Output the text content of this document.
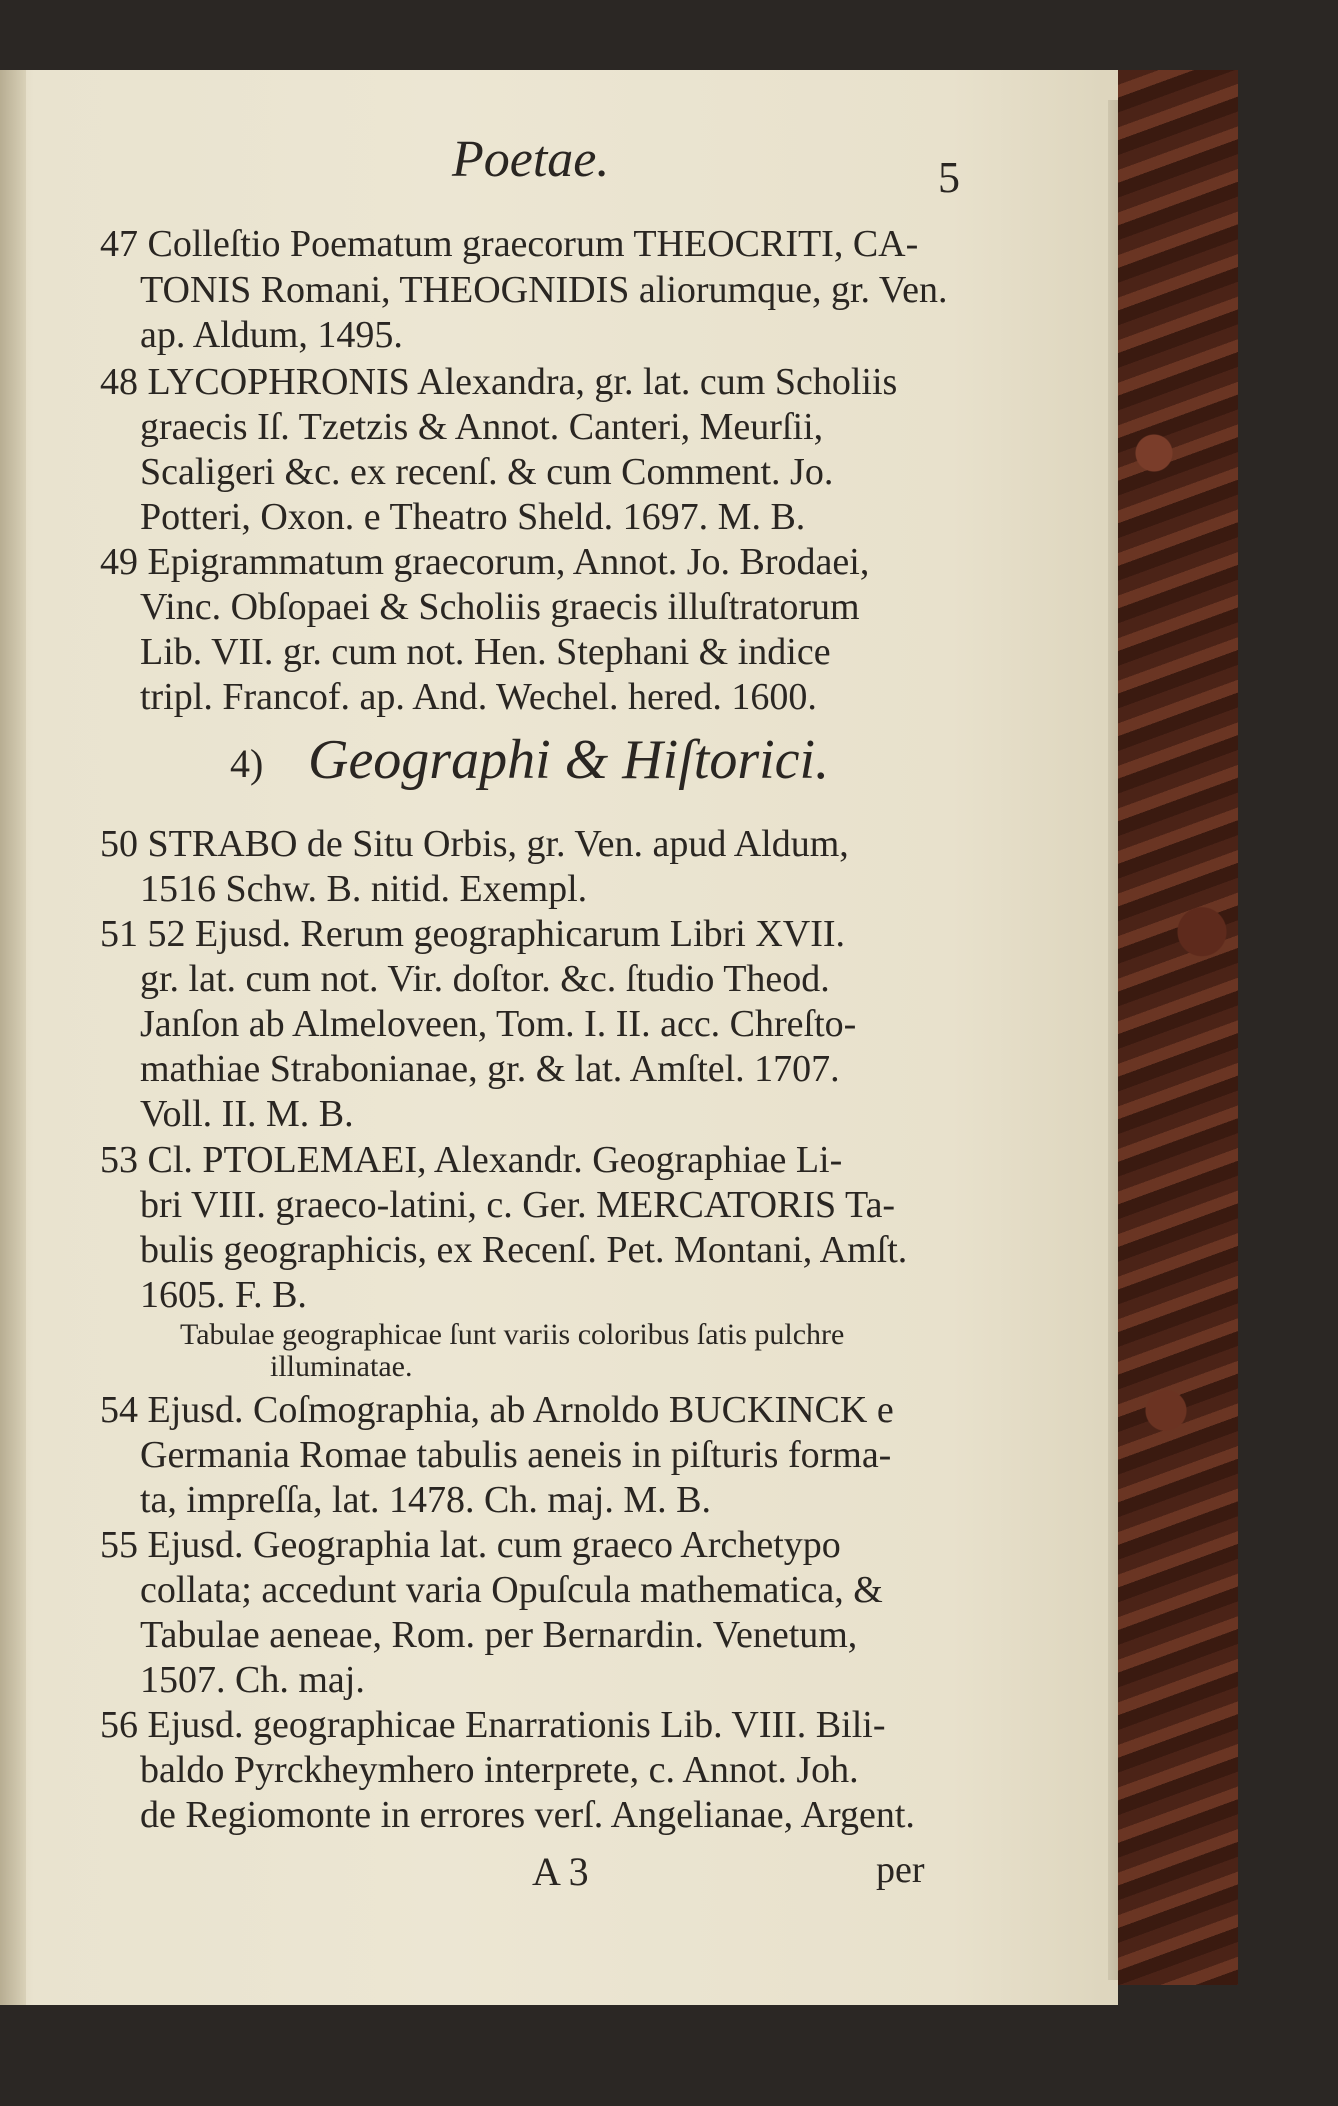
Poetae.	5
47 Colleſtio Poematum graecorum THEOCRITI, CA-
TONIS Romani, THEOGNIDIS aliorumque, gr. Ven.
ap. Aldum, 1495.
48 LYCOPHRONIS Alexandra, gr. lat. cum Scholiis
graecis Iſ. Tzetzis & Annot. Canteri, Meurſii,
Scaligeri &c. ex recenſ. & cum Comment. Jo.
Potteri, Oxon. e Theatro Sheld. 1697. M. B.
49 Epigrammatum graecorum, Annot. Jo. Brodaei,
Vinc. Obſopaei & Scholiis graecis illuſtratorum
Lib. VII. gr. cum not. Hen. Stephani & indice
tripl. Francof. ap. And. Wechel. hered. 1600.
4) Geographi & Hiſtorici.
50 STRABO de Situ Orbis, gr. Ven. apud Aldum,
1516 Schw. B. nitid. Exempl.
51 52 Ejusd. Rerum geographicarum Libri XVII.
gr. lat. cum not. Vir. doſtor. &c. ſtudio Theod.
Janſon ab Almeloveen, Tom. I. II. acc. Chreſto-
mathiae Strabonianae, gr. & lat. Amſtel. 1707.
Voll. II. M. B.
53 Cl. PTOLEMAEI, Alexandr. Geographiae Li-
bri VIII. graeco-latini, c. Ger. MERCATORIS Ta-
bulis geographicis, ex Recenſ. Pet. Montani, Amſt.
1605. F. B.
Tabulae geographicae ſunt variis coloribus ſatis pulchre
illuminatae.
54 Ejusd. Coſmographia, ab Arnoldo BUCKINCK e
Germania Romae tabulis aeneis in piſturis forma-
ta, impreſſa, lat. 1478. Ch. maj. M. B.
55 Ejusd. Geographia lat. cum graeco Archetypo
collata; accedunt varia Opuſcula mathematica, &
Tabulae aeneae, Rom. per Bernardin. Venetum,
1507. Ch. maj.
56 Ejusd. geographicae Enarrationis Lib. VIII. Bili-
baldo Pyrckheymhero interprete, c. Annot. Joh.
de Regiomonte in errores verſ. Angelianae, Argent.
A 3	per
